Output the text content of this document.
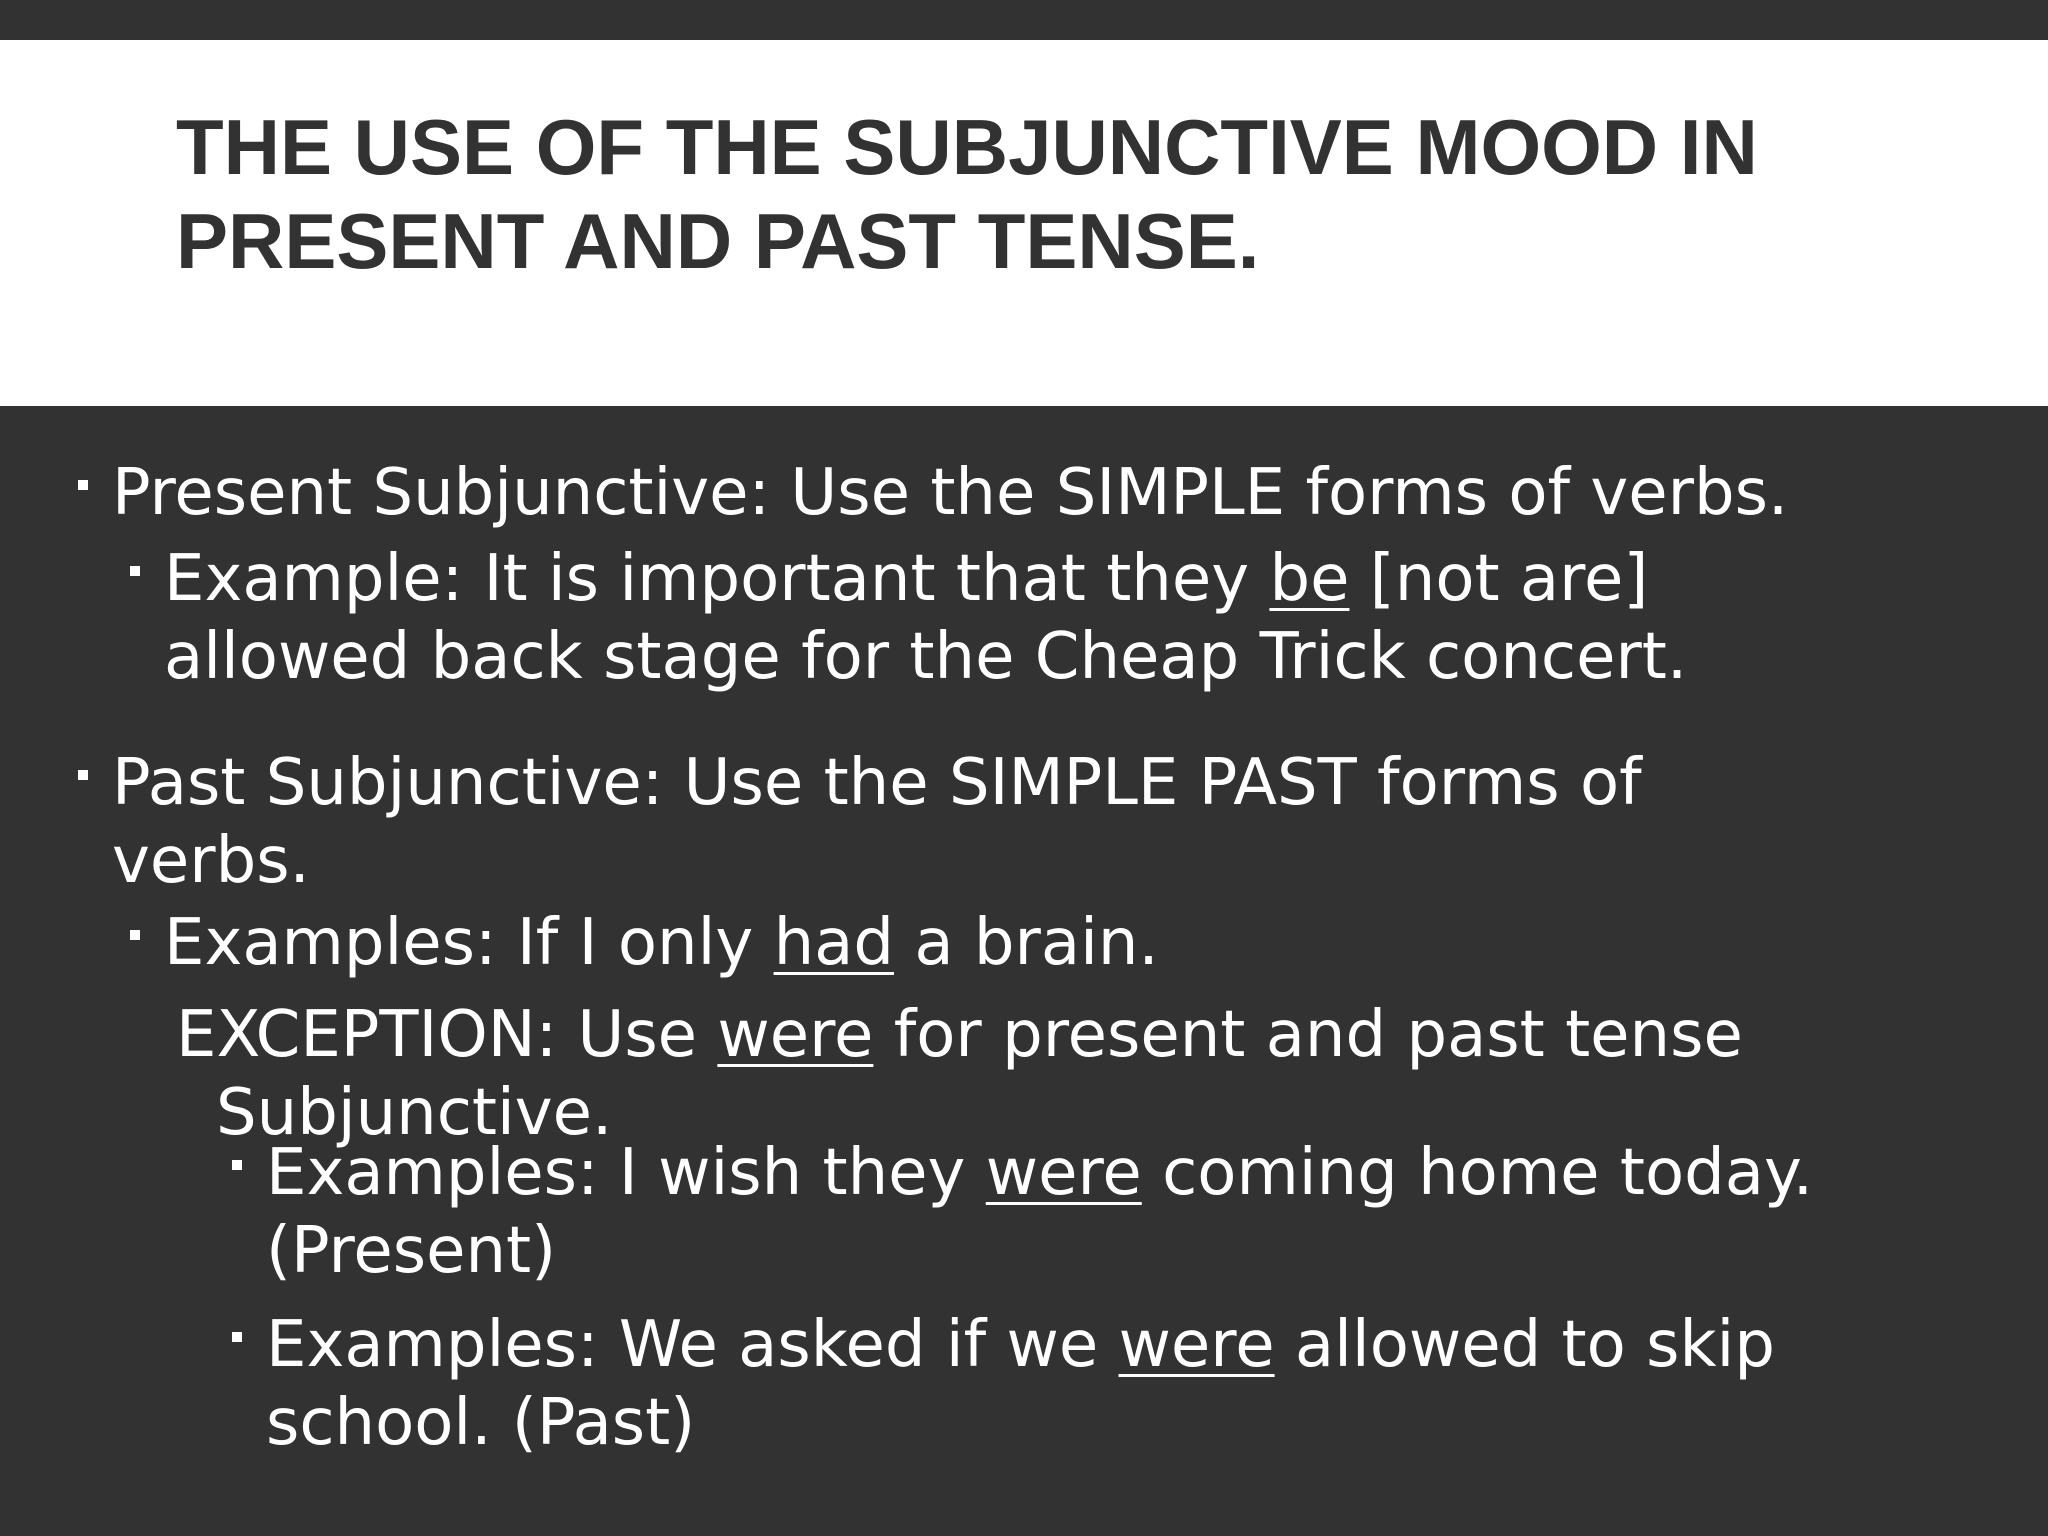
THE USE OF THE SUBJUNCTIVE MOOD IN
PRESENT AND PAST TENSE.
Present Subjunctive: Use the SIMPLE forms of verbs.
Example: It is important that they be [not are]
allowed back stage for the Cheap Trick concert.
Past Subjunctive: Use the SIMPLE PAST forms of
verbs.
Examples: If I only had a brain.
EXCEPTION: Use were for present and past tense
Subjunctive.
Examples: I wish they were coming home today.
(Present)
Examples: We asked if we were allowed to skip
school. (Past)
